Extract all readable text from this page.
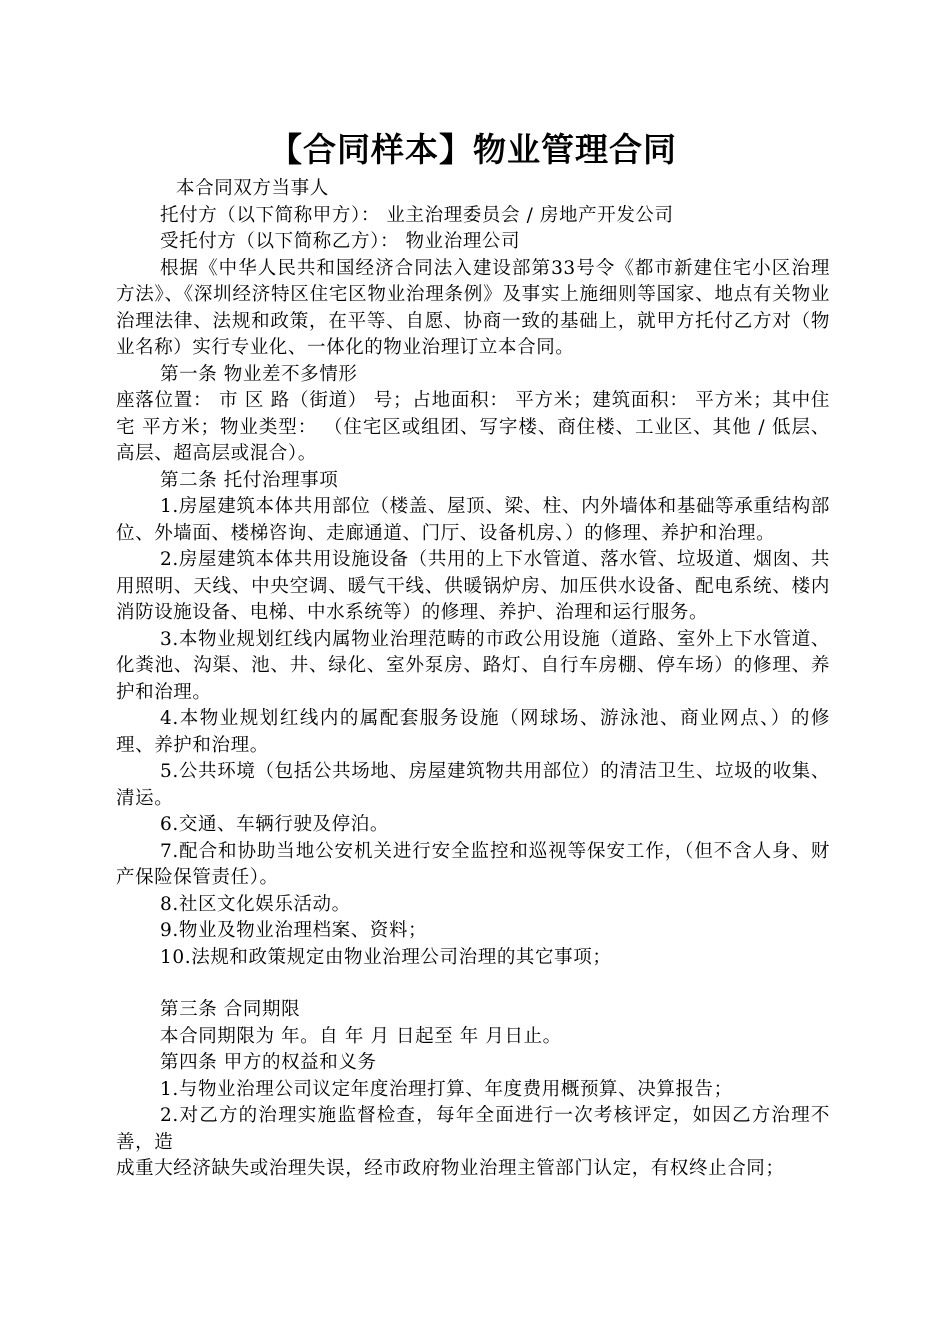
【合同样本】物业管理合同

本合同双方当事人

托付方（以下简称甲方）： 业主治理委员会 / 房地产开发公司

受托付方（以下简称乙方）： 物业治理公司

根据《中华人民共和国经济合同法入建设部第33号令《都市新建住宅小区治理方法》、《深圳经济特区住宅区物业治理条例》及事实上施细则等国家、地点有关物业治理法律、法规和政策，在平等、自愿、协商一致的基础上，就甲方托付乙方对（物业名称）实行专业化、一体化的物业治理订立本合同。

第一条 物业差不多情形

座落位置： 市 区 路（街道） 号；占地面积： 平方米；建筑面积： 平方米；其中住宅 平方米；物业类型： （住宅区或组团、写字楼、商住楼、工业区、其他 / 低层、高层、超高层或混合）。

第二条 托付治理事项

1.房屋建筑本体共用部位（楼盖、屋顶、梁、柱、内外墙体和基础等承重结构部位、外墙面、楼梯咨询、走廊通道、门厅、设备机房、）的修理、养护和治理。

2.房屋建筑本体共用设施设备（共用的上下水管道、落水管、垃圾道、烟囱、共用照明、天线、中央空调、暖气干线、供暖锅炉房、加压供水设备、配电系统、楼内消防设施设备、电梯、中水系统等）的修理、养护、治理和运行服务。

3.本物业规划红线内属物业治理范畴的市政公用设施（道路、室外上下水管道、化粪池、沟渠、池、井、绿化、室外泵房、路灯、自行车房棚、停车场）的修理、养护和治理。

4.本物业规划红线内的属配套服务设施（网球场、游泳池、商业网点、）的修理、养护和治理。

5.公共环境（包括公共场地、房屋建筑物共用部位）的清洁卫生、垃圾的收集、清运。

6.交通、车辆行驶及停泊。

7.配合和协助当地公安机关进行安全监控和巡视等保安工作，（但不含人身、财产保险保管责任）。

8.社区文化娱乐活动。

9.物业及物业治理档案、资料；

10.法规和政策规定由物业治理公司治理的其它事项；

第三条 合同期限

本合同期限为 年。自 年 月 日起至 年 月日止。

第四条 甲方的权益和义务

1.与物业治理公司议定年度治理打算、年度费用概预算、决算报告；

2.对乙方的治理实施监督检查，每年全面进行一次考核评定，如因乙方治理不善，造

成重大经济缺失或治理失误，经市政府物业治理主管部门认定，有权终止合同；
